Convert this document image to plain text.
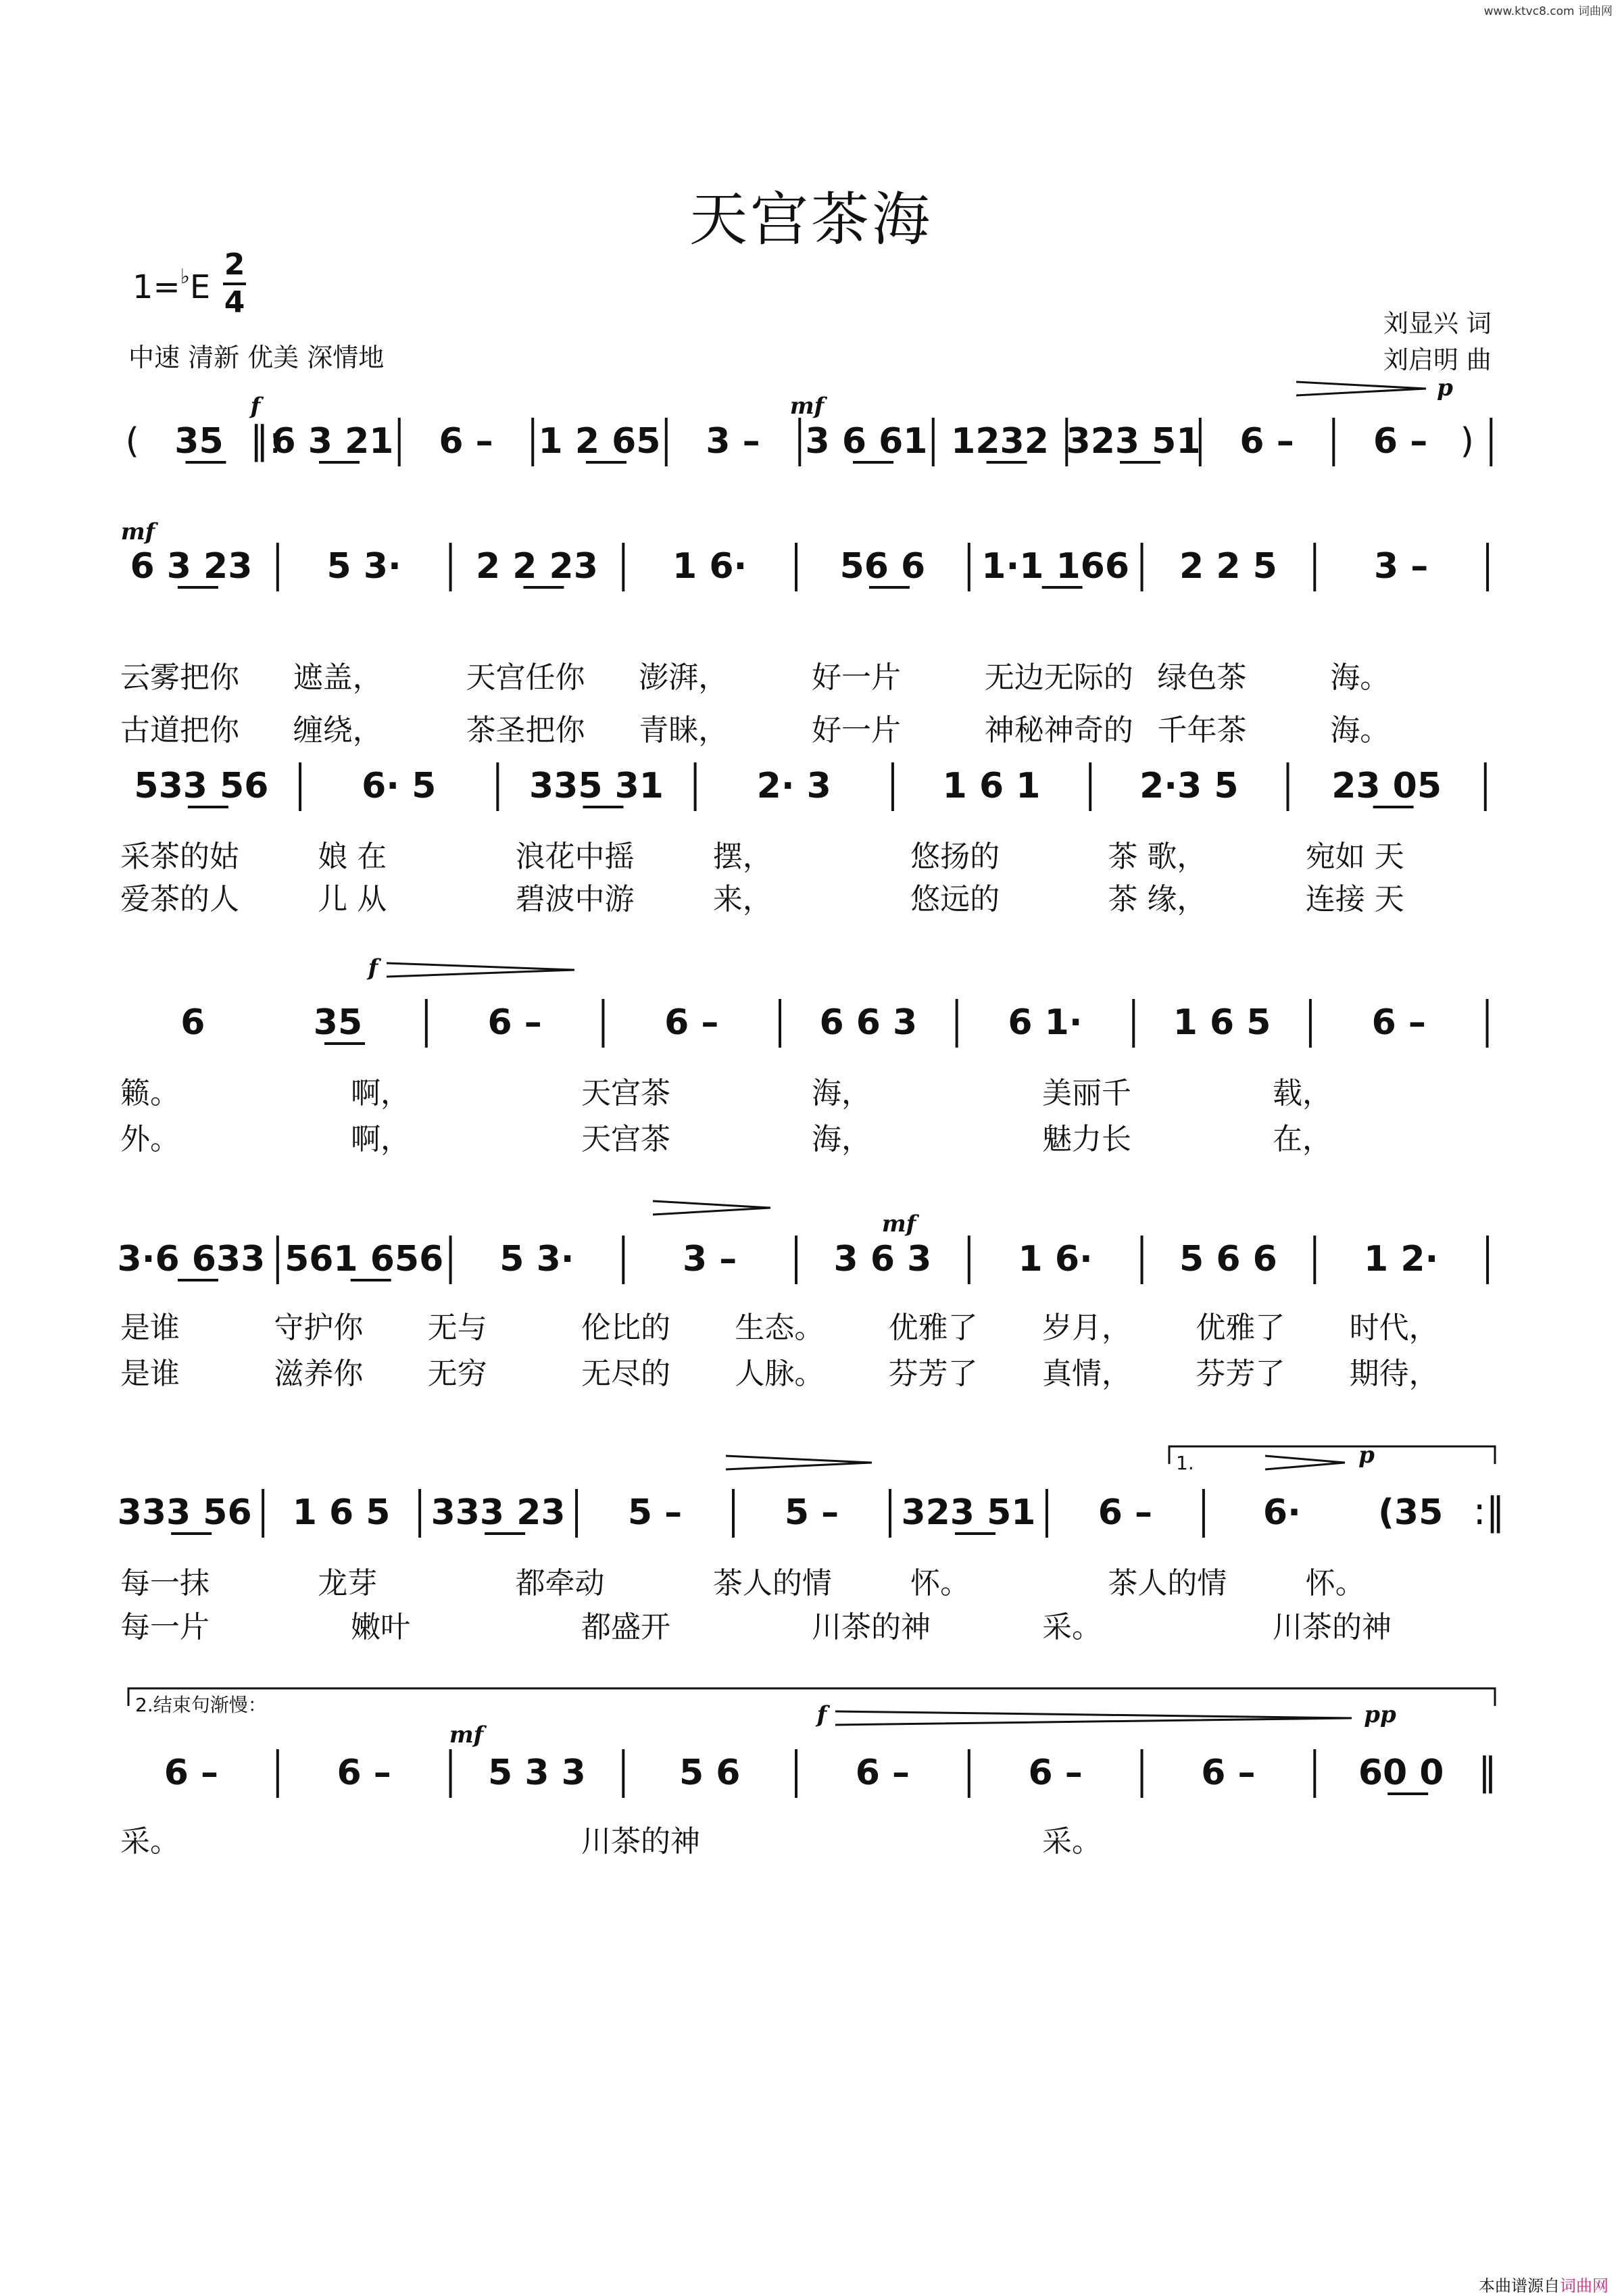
www.ktvc8.com 词曲网
天宫茶海
1=♭E
2
4
中速 清新 优美 深情地
刘显兴 词
刘启明 曲
( 35 ‖:
6 3 21 6 – 1 2 65 3 – 3 6 61 1232 323 51 6 – 6 – )
6 3 23 5 3· 2 2 23 1 6·	56 6 1·1 166 2 2 5	3 –
533 56	6· 5	335 31	2· 3	1 6 1	2·3 5	23 05
6	35	6 –	6 –	6 6 3	6 1·	1 6 5	6 –
3·6 633 561 656 5 3·	3 –	3 6 3 1 6· 5 6 6 1 2·
333 56 1 6 5 333 23 5 –	5 – 323 51 6 –	6· (35 :‖
6 –	6 –	5 3 3	5 6	6 –	6 –	6 –	60 0 ‖
f	mf
p
mf
f
mf
p
mf
f	pp
1.
2.结束句渐慢：
云雾把你 遮盖，	天宫任你 澎湃，	好一片	无边无际的 绿色茶	海。
古道把你 缠绕，	茶圣把你 青睐，	好一片	神秘神奇的 千年茶	海。
采茶的姑	娘 在	浪花中摇	摆，	悠扬的	茶 歌，	宛如 天
爱茶的人	儿 从	碧波中游	来，	悠远的	茶 缘，	连接 天
籁。	啊，	天宫茶	海，	美丽千	载，
外。	啊，	天宫茶	海，	魅力长	在，
是谁	守护你 无与	伦比的 生态。 优雅了 岁月， 优雅了 时代，
是谁	滋养你 无穷	无尽的 人脉。 芬芳了 真情， 芬芳了 期待，
每一抹	龙芽	都牵动	茶人的情	怀。	茶人的情	怀。
每一片	嫩叶	都盛开	川茶的神	采。	川茶的神
采。	川茶的神	采。
本曲谱源自词曲网
